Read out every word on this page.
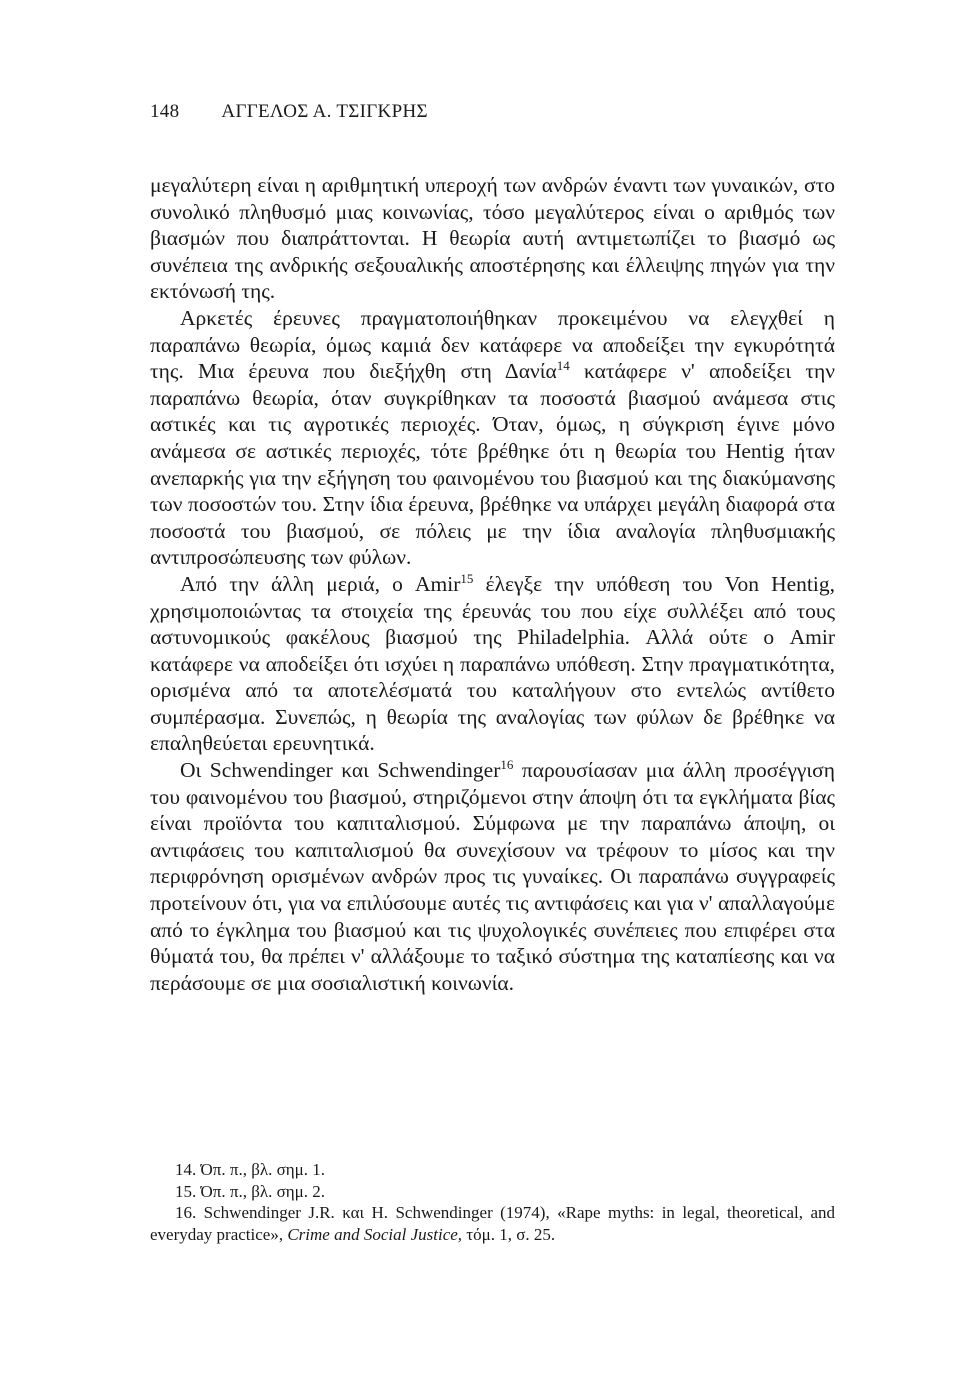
148 ΑΓΓΕΛΟΣ Α. ΤΣΙΓΚΡΗΣ

μεγαλύτερη είναι η αριθμητική υπεροχή των ανδρών έναντι των γυναικών, στο συνολικό πληθυσμό μιας κοινωνίας, τόσο μεγαλύτερος είναι ο αριθμός των βιασμών που διαπράττονται. Η θεωρία αυτή αντιμετωπίζει το βιασμό ως συνέπεια της ανδρικής σεξουαλικής αποστέρησης και έλλειψης πηγών για την εκτόνωσή της.

Αρκετές έρευνες πραγματοποιήθηκαν προκειμένου να ελεγχθεί η παραπάνω θεωρία, όμως καμιά δεν κατάφερε να αποδείξει την εγκυρότητά της. Μια έρευνα που διεξήχθη στη Δανία$^{14}$ κατάφερε ν' αποδείξει την παραπάνω θεωρία, όταν συγκρίθηκαν τα ποσοστά βιασμού ανάμεσα στις αστικές και τις αγροτικές περιοχές. Όταν, όμως, η σύγκριση έγινε μόνο ανάμεσα σε αστικές περιοχές, τότε βρέθηκε ότι η θεωρία του Hentig ήταν ανεπαρκής για την εξήγηση του φαινομένου του βιασμού και της διακύμανσης των ποσοστών του. Στην ίδια έρευνα, βρέθηκε να υπάρχει μεγάλη διαφορά στα ποσοστά του βιασμού, σε πόλεις με την ίδια αναλογία πληθυσμιακής αντιπροσώπευσης των φύλων.

Από την άλλη μεριά, ο Amir$^{15}$ έλεγξε την υπόθεση του Von Hentig, χρησιμοποιώντας τα στοιχεία της έρευνάς του που είχε συλλέξει από τους αστυνομικούς φακέλους βιασμού της Philadelphia. Αλλά ούτε ο Amir κατάφερε να αποδείξει ότι ισχύει η παραπάνω υπόθεση. Στην πραγματικότητα, ορισμένα από τα αποτελέσματά του καταλήγουν στο εντελώς αντίθετο συμπέρασμα. Συνεπώς, η θεωρία της αναλογίας των φύλων δε βρέθηκε να επαληθεύεται ερευνητικά.

Οι Schwendinger και Schwendinger$^{16}$ παρουσίασαν μια άλλη προσέγγιση του φαινομένου του βιασμού, στηριζόμενοι στην άποψη ότι τα εγκλήματα βίας είναι προϊόντα του καπιταλισμού. Σύμφωνα με την παραπάνω άποψη, οι αντιφάσεις του καπιταλισμού θα συνεχίσουν να τρέφουν το μίσος και την περιφρόνηση ορισμένων ανδρών προς τις γυναίκες. Οι παραπάνω συγγραφείς προτείνουν ότι, για να επιλύσουμε αυτές τις αντιφάσεις και για ν' απαλλαγούμε από το έγκλημα του βιασμού και τις ψυχολογικές συνέπειες που επιφέρει στα θύματά του, θα πρέπει ν' αλλάξουμε το ταξικό σύστημα της καταπίεσης και να περάσουμε σε μια σοσιαλιστική κοινωνία.

14. Όπ. π., βλ. σημ. 1.

15. Όπ. π., βλ. σημ. 2.

16. Schwendinger J.R. και H. Schwendinger (1974), «Rape myths: in legal, theoretical, and everyday practice», Crime and Social Justice, τόμ. 1, σ. 25.
